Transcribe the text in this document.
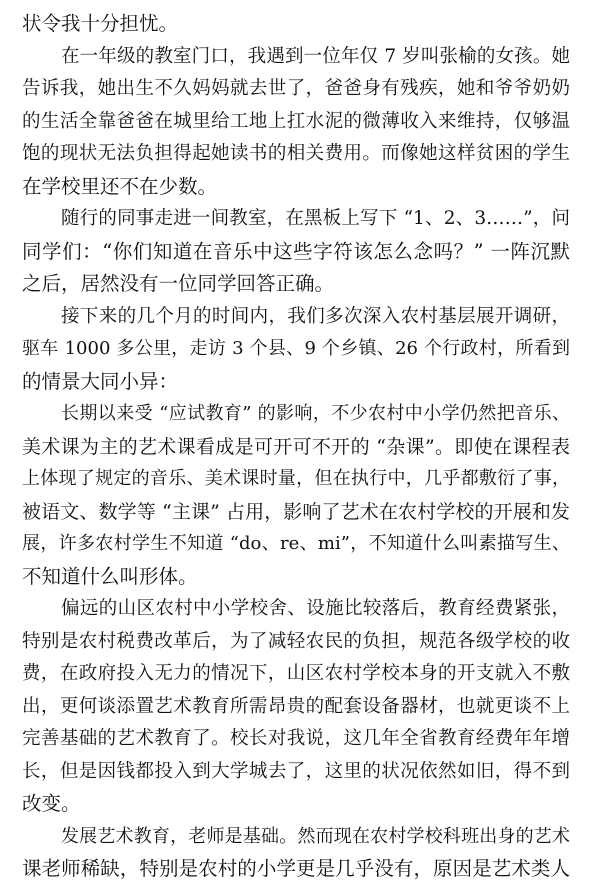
状令我十分担忧。
在一年级的教室门口，我遇到一位年仅 7 岁叫张榆的女孩。她
告诉我，她出生不久妈妈就去世了，爸爸身有残疾，她和爷爷奶奶
的生活全靠爸爸在城里给工地上扛水泥的微薄收入来维持，仅够温
饱的现状无法负担得起她读书的相关费用。而像她这样贫困的学生
在学校里还不在少数。
随行的同事走进一间教室，在黑板上写下 “1、2、3……”，问
同学们：“你们知道在音乐中这些字符该怎么念吗？” 一阵沉默
之后，居然没有一位同学回答正确。
接下来的几个月的时间内，我们多次深入农村基层展开调研，
驱车 1000 多公里，走访 3 个县、9 个乡镇、26 个行政村，所看到
的情景大同小异：
长期以来受 “应试教育” 的影响，不少农村中小学仍然把音乐、
美术课为主的艺术课看成是可开可不开的 “杂课”。即使在课程表
上体现了规定的音乐、美术课时量，但在执行中，几乎都敷衍了事，
被语文、数学等 “主课” 占用，影响了艺术在农村学校的开展和发
展，许多农村学生不知道 “do、re、mi”，不知道什么叫素描写生、
不知道什么叫形体。
偏远的山区农村中小学校舍、设施比较落后，教育经费紧张，
特别是农村税费改革后，为了减轻农民的负担，规范各级学校的收
费，在政府投入无力的情况下，山区农村学校本身的开支就入不敷
出，更何谈添置艺术教育所需昂贵的配套设备器材，也就更谈不上
完善基础的艺术教育了。校长对我说，这几年全省教育经费年年增
长，但是因钱都投入到大学城去了，这里的状况依然如旧，得不到
改变。
发展艺术教育，老师是基础。然而现在农村学校科班出身的艺术
课老师稀缺，特别是农村的小学更是几乎没有，原因是艺术类人
